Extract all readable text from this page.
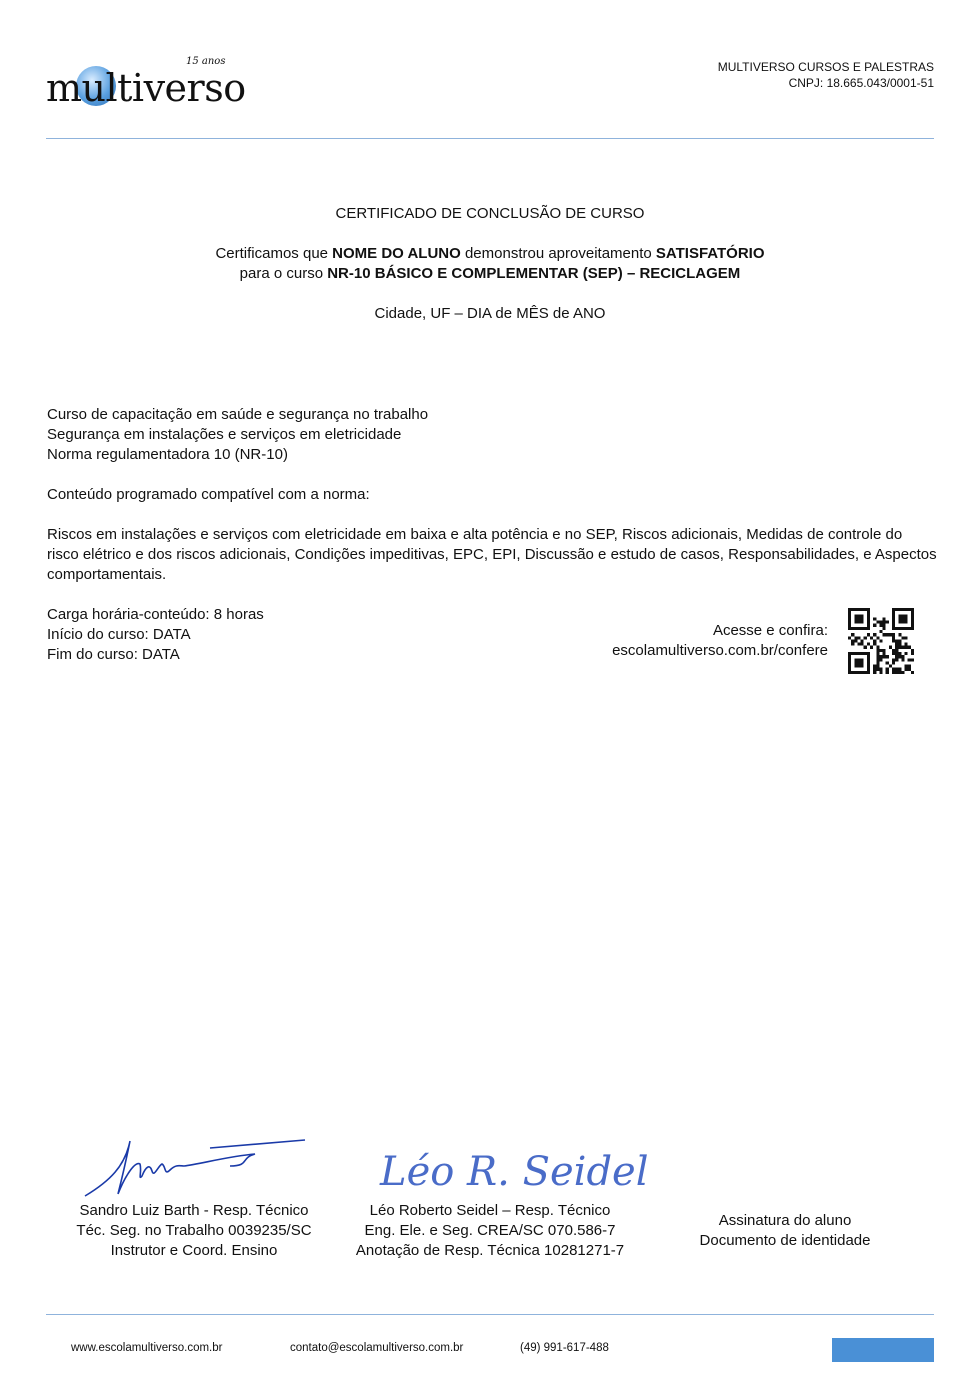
multiverso
15 anos	MULTIVERSO CURSOS E PALESTRAS
CNPJ: 18.665.043/0001-51
CERTIFICADO DE CONCLUSÃO DE CURSO
Certificamos que NOME DO ALUNO demonstrou aproveitamento SATISFATÓRIO
para o curso NR-10 BÁSICO E COMPLEMENTAR (SEP) – RECICLAGEM
Cidade, UF – DIA de MÊS de ANO
Curso de capacitação em saúde e segurança no trabalho
Segurança em instalações e serviços em eletricidade
Norma regulamentadora 10 (NR-10)
Conteúdo programado compatível com a norma:
Riscos em instalações e serviços com eletricidade em baixa e alta potência e no SEP, Riscos adicionais, Medidas de controle do risco elétrico e dos riscos adicionais, Condições impeditivas, EPC, EPI, Discussão e estudo de casos, Responsabilidades, e Aspectos comportamentais.
Carga horária-conteúdo: 8 horas
Início do curso: DATA
Fim do curso: DATA
Acesse e confira:
escolamultiverso.com.br/confere
Léo R. Seidel
Sandro Luiz Barth - Resp. Técnico
Téc. Seg. no Trabalho 0039235/SC
Instrutor e Coord. Ensino
Léo Roberto Seidel – Resp. Técnico
Eng. Ele. e Seg. CREA/SC 070.586-7
Anotação de Resp. Técnica 10281271-7
Assinatura do aluno
Documento de identidade
www.escolamultiverso.com.br	contato@escolamultiverso.com.br	(49) 991-617-488
